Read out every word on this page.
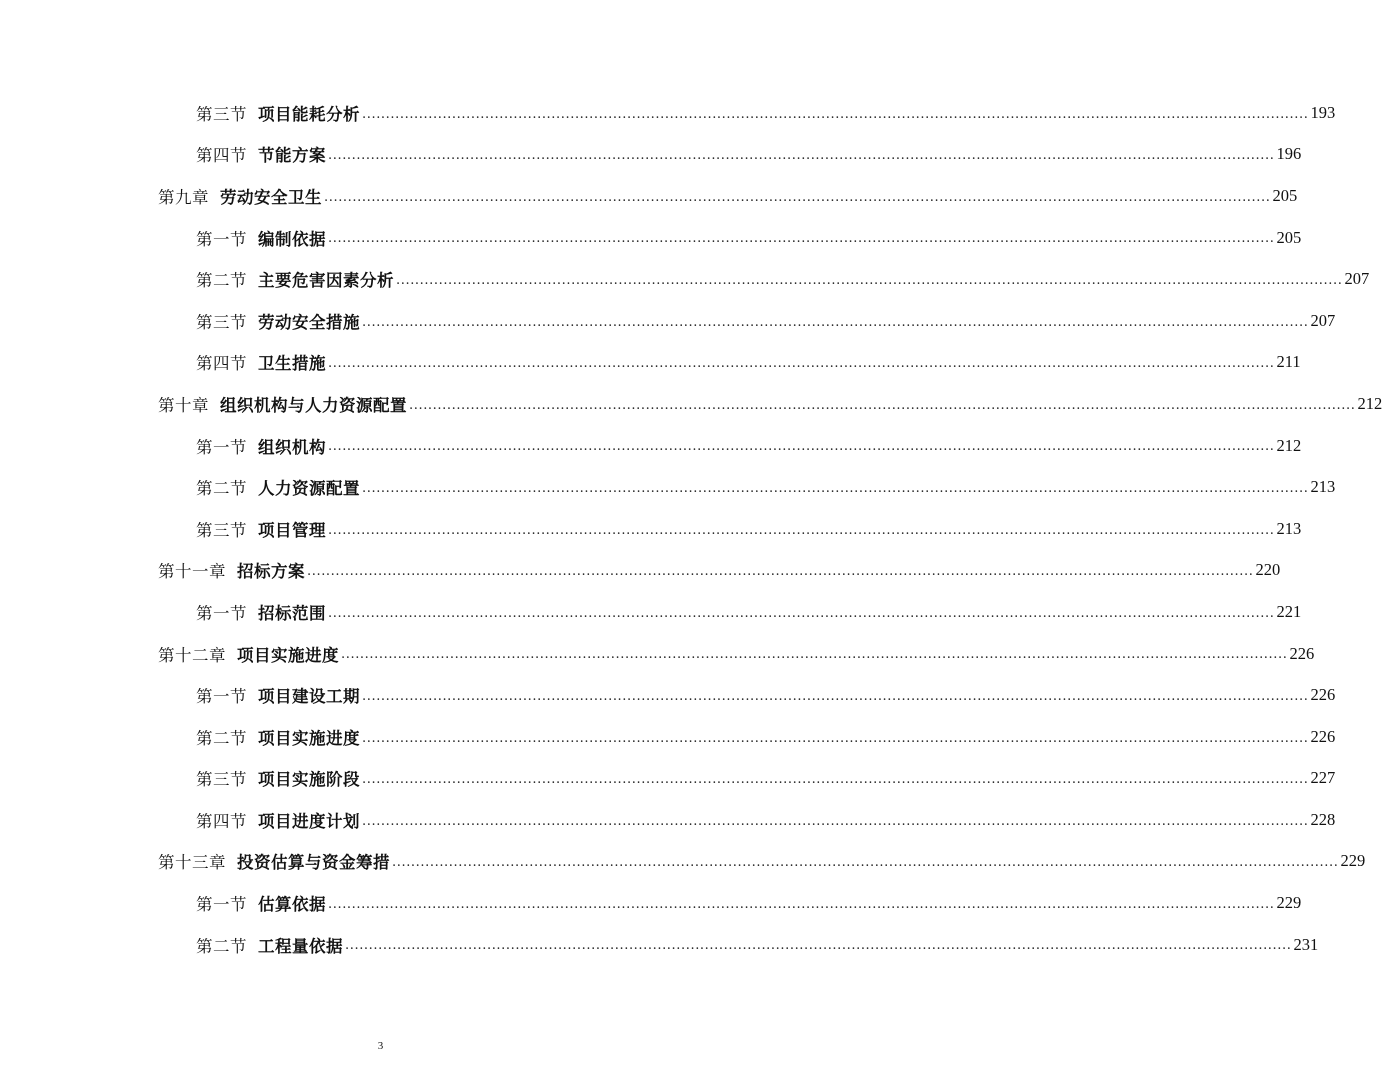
第三节 项目能耗分析 ........................................................................................................................................................................................................ 193
第四节 节能方案 ........................................................................................................................................................................................................ 196
第九章 劳动安全卫生 ........................................................................................................................................................................................................ 205
第一节 编制依据 ........................................................................................................................................................................................................ 205
第二节 主要危害因素分析 ........................................................................................................................................................................................................ 207
第三节 劳动安全措施 ........................................................................................................................................................................................................ 207
第四节 卫生措施 ........................................................................................................................................................................................................ 211
第十章 组织机构与人力资源配置 ........................................................................................................................................................................................................ 212
第一节 组织机构 ........................................................................................................................................................................................................ 212
第二节 人力资源配置 ........................................................................................................................................................................................................ 213
第三节 项目管理 ........................................................................................................................................................................................................ 213
第十一章 招标方案 ........................................................................................................................................................................................................ 220
第一节 招标范围 ........................................................................................................................................................................................................ 221
第十二章 项目实施进度 ........................................................................................................................................................................................................ 226
第一节 项目建设工期 ........................................................................................................................................................................................................ 226
第二节 项目实施进度 ........................................................................................................................................................................................................ 226
第三节 项目实施阶段 ........................................................................................................................................................................................................ 227
第四节 项目进度计划 ........................................................................................................................................................................................................ 228
第十三章 投资估算与资金筹措 ........................................................................................................................................................................................................ 229
第一节 估算依据 ........................................................................................................................................................................................................ 229
第二节 工程量依据 ........................................................................................................................................................................................................ 231
3
